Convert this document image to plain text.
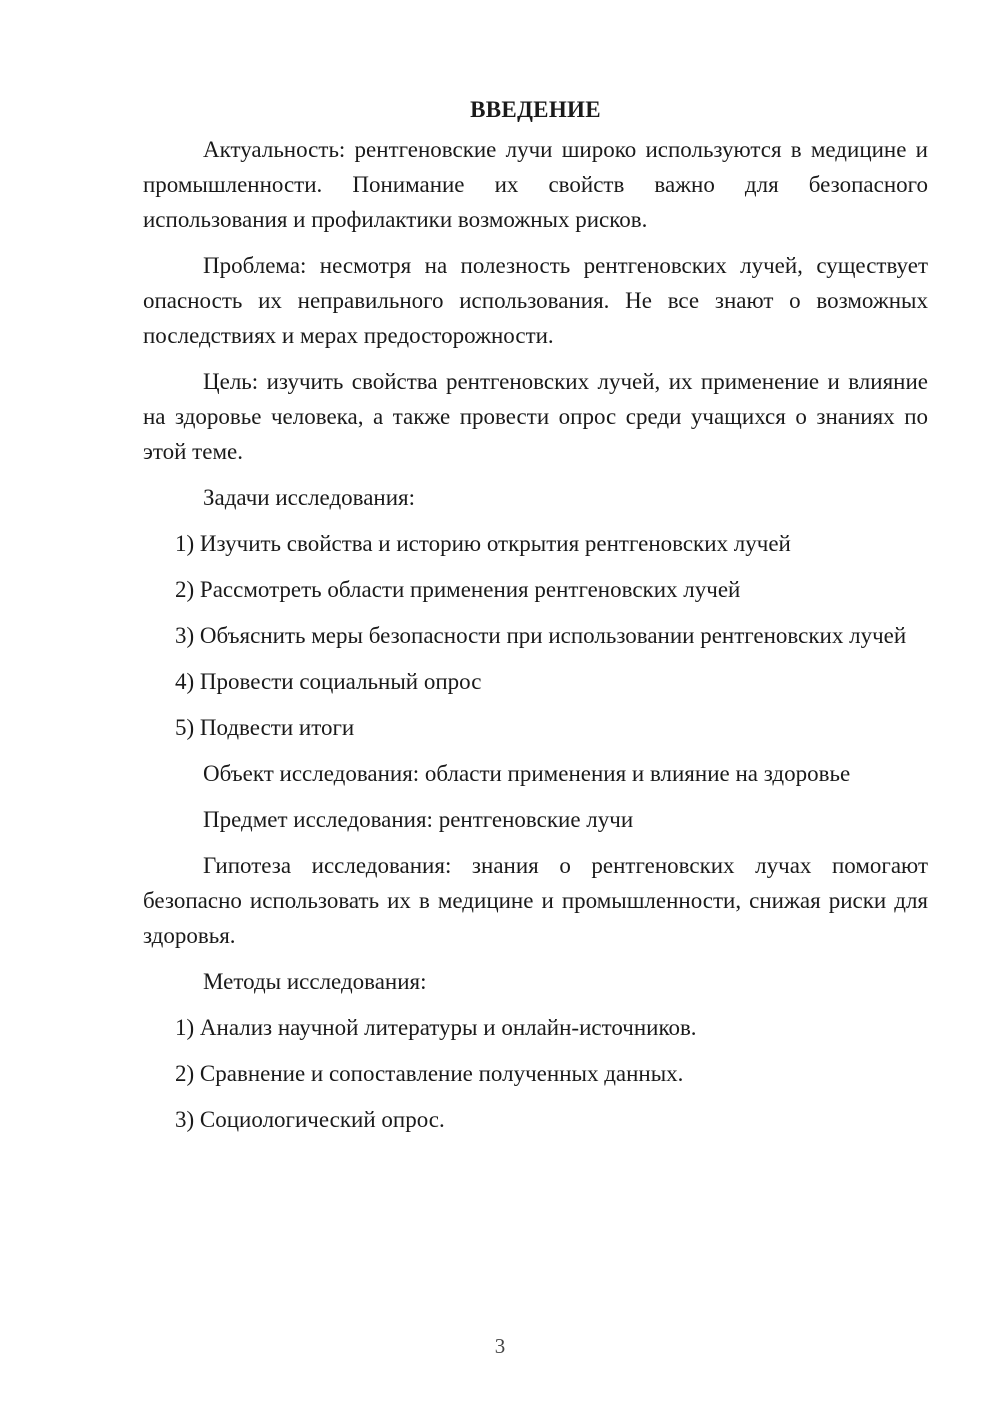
ВВЕДЕНИЕ

Актуальность: рентгеновские лучи широко используются в медицине и промышленности. Понимание их свойств важно для безопасного использования и профилактики возможных рисков.

Проблема: несмотря на полезность рентгеновских лучей, существует опасность их неправильного использования. Не все знают о возможных последствиях и мерах предосторожности.

Цель: изучить свойства рентгеновских лучей, их применение и влияние на здоровье человека, а также провести опрос среди учащихся о знаниях по этой теме.

Задачи исследования:

1) Изучить свойства и историю открытия рентгеновских лучей

2) Рассмотреть области применения рентгеновских лучей

3) Объяснить меры безопасности при использовании рентгеновских лучей

4) Провести социальный опрос

5) Подвести итоги

Объект исследования: области применения и влияние на здоровье

Предмет исследования: рентгеновские лучи

Гипотеза исследования: знания о рентгеновских лучах помогают безопасно использовать их в медицине и промышленности, снижая риски для здоровья.

Методы исследования:

1) Анализ научной литературы и онлайн-источников.

2) Сравнение и сопоставление полученных данных.

3) Социологический опрос.

3
